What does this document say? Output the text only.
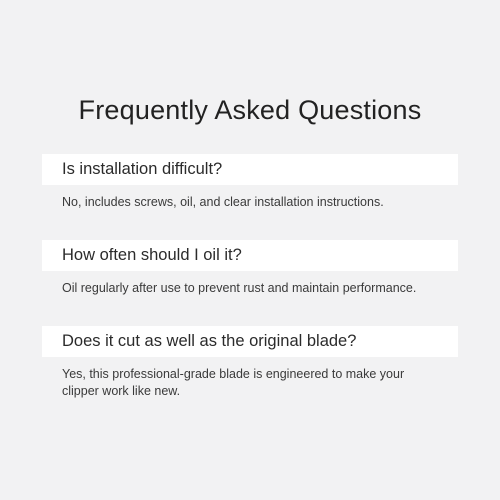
Frequently Asked Questions
Is installation difficult?
No, includes screws, oil, and clear installation instructions.
How often should I oil it?
Oil regularly after use to prevent rust and maintain performance.
Does it cut as well as the original blade?
Yes, this professional-grade blade is engineered to make your clipper work like new.
